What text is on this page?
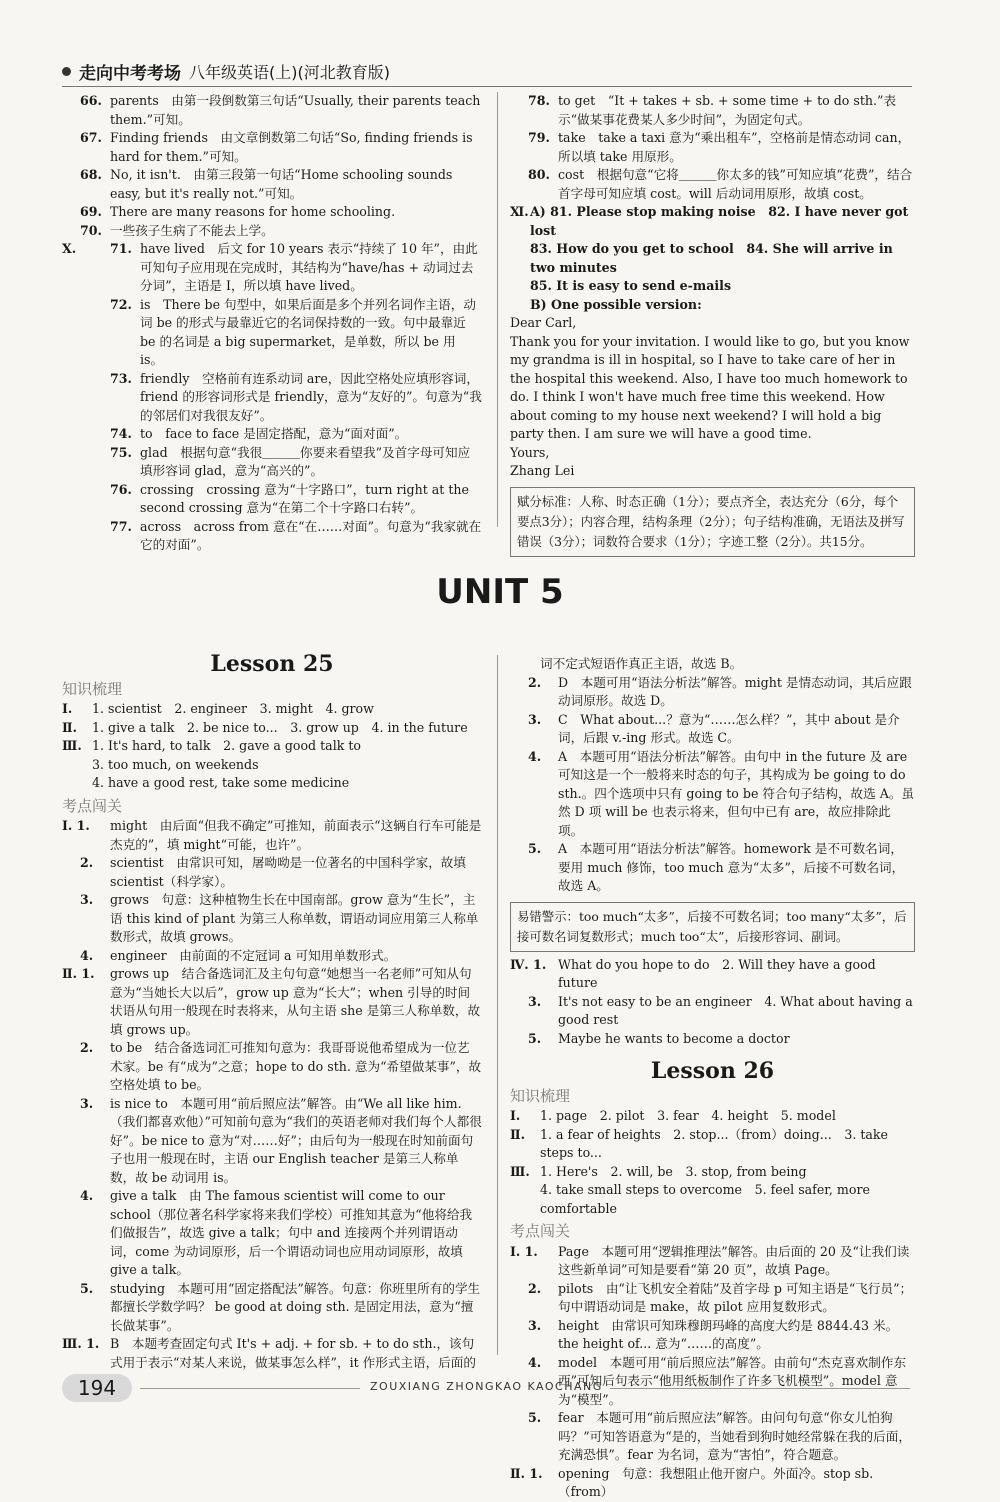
走向中考考场 八年级英语(上)(河北教育版)
66. parents　由第一段倒数第三句话“Usually, their parents teach them.”可知。
67. Finding friends　由文章倒数第二句话“So, finding friends is hard for them.”可知。
68. No, it isn't.　由第三段第一句话“Home schooling sounds easy, but it's really not.”可知。
69. There are many reasons for home schooling.
70. 一些孩子生病了不能去上学。
Ⅹ.	71. have lived　后文 for 10 years 表示“持续了 10 年”，由此可知句子应用现在完成时，其结构为“have/has + 动词过去分词”，主语是 I，所以填 have lived。
72. is　There be 句型中，如果后面是多个并列名词作主语，动词 be 的形式与最靠近它的名词保持数的一致。句中最靠近 be 的名词是 a big supermarket，是单数，所以 be 用 is。
73. friendly　空格前有连系动词 are，因此空格处应填形容词，friend 的形容词形式是 friendly，意为“友好的”。句意为“我的邻居们对我很友好”。
74. to　face to face 是固定搭配，意为“面对面”。
75. glad　根据句意“我很＿＿＿你要来看望我”及首字母可知应填形容词 glad，意为“高兴的”。
76. crossing　crossing 意为“十字路口”，turn right at the second crossing 意为“在第二个十字路口右转”。
77. across　across from 意在“在……对面”。句意为“我家就在它的对面”。
78. to get　“It + takes + sb. + some time + to do sth.”表示“做某事花费某人多少时间”，为固定句式。
79. take　take a taxi 意为“乘出租车”，空格前是情态动词 can，所以填 take 用原形。
80. cost　根据句意“它将＿＿＿你太多的钱”可知应填“花费”，结合首字母可知应填 cost。will 后动词用原形，故填 cost。
Ⅺ. A) 81. Please stop making noise　82. I have never got lost

83. How do you get to school　84. She will arrive in two minutes

85. It is easy to send e-mails

B) One possible version:

Dear Carl,

Thank you for your invitation. I would like to go, but you know my grandma is ill in hospital, so I have to take care of her in the hospital this weekend. Also, I have too much homework to do. I think I won't have much free time this weekend. How about coming to my house next weekend? I will hold a big party then. I am sure we will have a good time.

Yours,

Zhang Lei

赋分标准：人称、时态正确（1分）；要点齐全，表达充分（6分，每个要点3分）；内容合理，结构条理（2分）；句子结构准确，无语法及拼写错误（3分）；词数符合要求（1分）；字迹工整（2分）。共15分。
UNIT 5
Lesson 25
知识梳理
Ⅰ. 1. scientist　2. engineer　3. might　4. grow
Ⅱ. 1. give a talk　2. be nice to...　3. grow up　4. in the future
Ⅲ. 1. It's hard, to talk　2. gave a good talk to
3. too much, on weekends
4. have a good rest, take some medicine
考点闯关
Ⅰ. 1. might　由后面“但我不确定”可推知，前面表示“这辆自行车可能是杰克的”，填 might“可能，也许”。
2. scientist　由常识可知，屠呦呦是一位著名的中国科学家，故填 scientist（科学家）。
3. grows　句意：这种植物生长在中国南部。grow 意为“生长”，主语 this kind of plant 为第三人称单数，谓语动词应用第三人称单数形式，故填 grows。
4. engineer　由前面的不定冠词 a 可知用单数形式。
Ⅱ. 1. grows up　结合备选词汇及主句句意“她想当一名老师”可知从句意为“当她长大以后”，grow up 意为“长大”；when 引导的时间状语从句用一般现在时表将来，从句主语 she 是第三人称单数，故填 grows up。
2. to be　结合备选词汇可推知句意为：我哥哥说他希望成为一位艺术家。be 有“成为”之意；hope to do sth. 意为“希望做某事”，故空格处填 to be。
3. is nice to　本题可用“前后照应法”解答。由“We all like him.（我们都喜欢他）”可知前句意为“我们的英语老师对我们每个人都很好”。be nice to 意为“对……好”；由后句为一般现在时知前面句子也用一般现在时，主语 our English teacher 是第三人称单数，故 be 动词用 is。
4. give a talk　由 The famous scientist will come to our school（那位著名科学家将来我们学校）可推知其意为“他将给我们做报告”，故选 give a talk；句中 and 连接两个并列谓语动词，come 为动词原形，后一个谓语动词也应用动词原形，故填 give a talk。
5. studying　本题可用“固定搭配法”解答。句意：你班里所有的学生都擅长学数学吗？ be good at doing sth. 是固定用法，意为“擅长做某事”。
Ⅲ. 1. B　本题考查固定句式 It's + adj. + for sb. + to do sth.，该句式用于表示“对某人来说，做某事怎么样”，it 作形式主语，后面的

词不定式短语作真正主语，故选 B。

2. D　本题可用“语法分析法”解答。might 是情态动词，其后应跟动词原形。故选 D。
3. C　What about...？意为“……怎么样？”，其中 about 是介词，后跟 v.-ing 形式。故选 C。
4. A　本题可用“语法分析法”解答。由句中 in the future 及 are 可知这是一个一般将来时态的句子，其构成为 be going to do sth.。四个选项中只有 going to be 符合句子结构，故选 A。虽然 D 项 will be 也表示将来，但句中已有 are，故应排除此项。
5. A　本题可用“语法分析法”解答。homework 是不可数名词，要用 much 修饰，too much 意为“太多”，后接不可数名词，故选 A。
易错警示：too much“太多”，后接不可数名词；too many“太多”，后接可数名词复数形式；much too“太”，后接形容词、副词。
Ⅳ. 1. What do you hope to do　2. Will they have a good future
3. It's not easy to be an engineer　4. What about having a good rest
5. Maybe he wants to become a doctor
Lesson 26
知识梳理
Ⅰ. 1. page　2. pilot　3. fear　4. height　5. model
Ⅱ. 1. a fear of heights　2. stop...（from）doing...　3. take steps to...
Ⅲ. 1. Here's　2. will, be　3. stop, from being
4. take small steps to overcome　5. feel safer, more comfortable
考点闯关
Ⅰ. 1. Page　本题可用“逻辑推理法”解答。由后面的 20 及“让我们读这些新单词”可知是要看“第 20 页”，故填 Page。
2. pilots　由“让飞机安全着陆”及首字母 p 可知主语是“飞行员”；句中谓语动词是 make，故 pilot 应用复数形式。
3. height　由常识可知珠穆朗玛峰的高度大约是 8844.43 米。the height of... 意为“……的高度”。
4. model　本题可用“前后照应法”解答。由前句“杰克喜欢制作东西”可知后句表示“他用纸板制作了许多飞机模型”。model 意为“模型”。
5. fear　本题可用“前后照应法”解答。由问句句意“你女儿怕狗吗？”可知答语意为“是的，当她看到狗时她经常躲在我的后面，充满恐惧”。fear 为名词，意为“害怕”，符合题意。
Ⅱ. 1. opening　句意：我想阻止他开窗户。外面冷。stop sb.（from）
194	ZOUXIANG ZHONGKAO KAOCHANG
